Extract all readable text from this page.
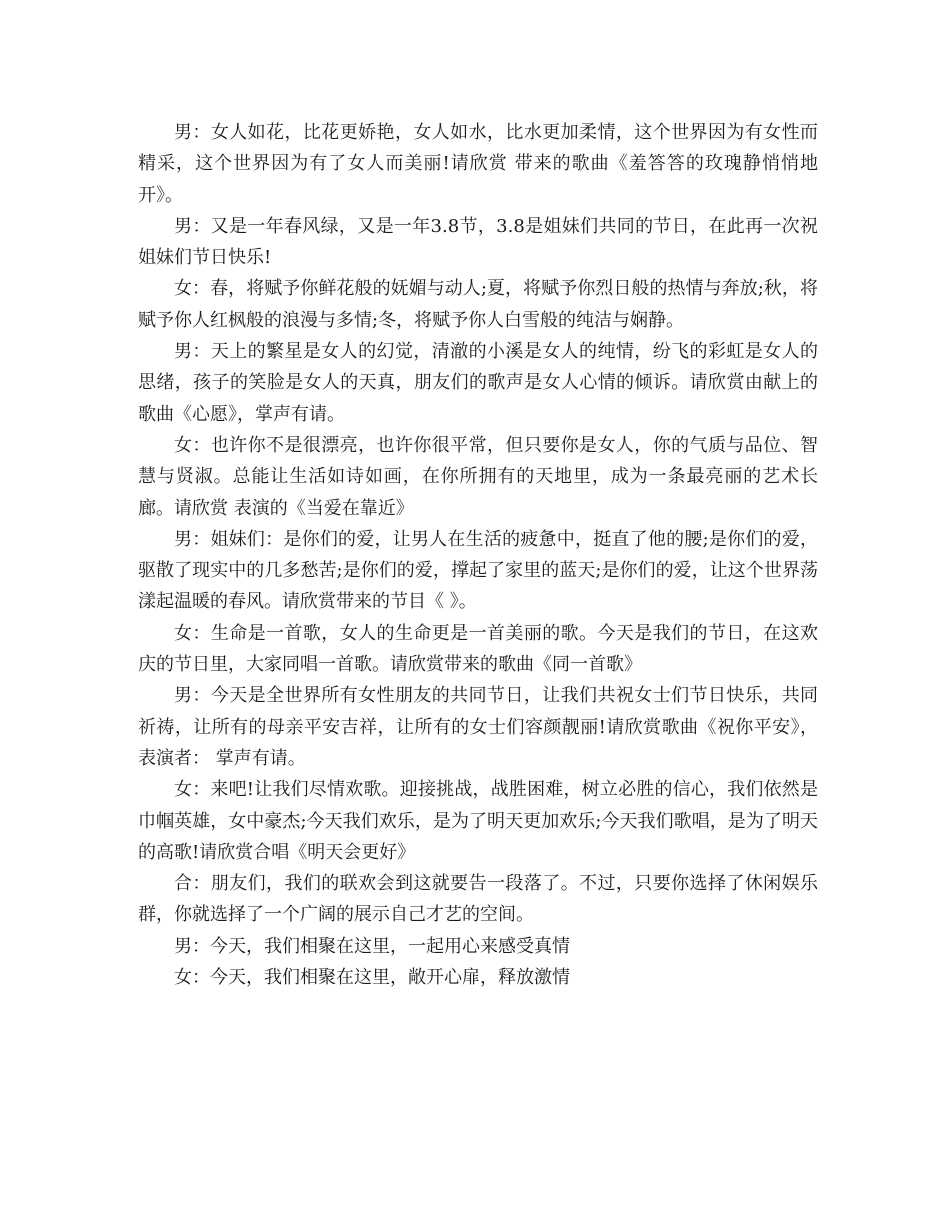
男：女人如花，比花更娇艳，女人如水，比水更加柔情，这个世界因为有女性而精采，这个世界因为有了女人而美丽!请欣赏 带来的歌曲《羞答答的玫瑰静悄悄地开》。

男：又是一年春风绿，又是一年3.8节，3.8是姐妹们共同的节日，在此再一次祝姐妹们节日快乐!

女：春，将赋予你鲜花般的妩媚与动人;夏，将赋予你烈日般的热情与奔放;秋，将赋予你人红枫般的浪漫与多情;冬，将赋予你人白雪般的纯洁与娴静。

男：天上的繁星是女人的幻觉，清澈的小溪是女人的纯情，纷飞的彩虹是女人的思绪，孩子的笑脸是女人的天真，朋友们的歌声是女人心情的倾诉。请欣赏由献上的歌曲《心愿》，掌声有请。

女：也许你不是很漂亮，也许你很平常，但只要你是女人，你的气质与品位、智慧与贤淑。总能让生活如诗如画，在你所拥有的天地里，成为一条最亮丽的艺术长廊。请欣赏 表演的《当爱在靠近》

男：姐妹们：是你们的爱，让男人在生活的疲惫中，挺直了他的腰;是你们的爱，驱散了现实中的几多愁苦;是你们的爱，撑起了家里的蓝天;是你们的爱，让这个世界荡漾起温暖的春风。请欣赏带来的节目《 》。

女：生命是一首歌，女人的生命更是一首美丽的歌。今天是我们的节日，在这欢庆的节日里，大家同唱一首歌。请欣赏带来的歌曲《同一首歌》

男：今天是全世界所有女性朋友的共同节日，让我们共祝女士们节日快乐，共同祈祷，让所有的母亲平安吉祥，让所有的女士们容颜靓丽!请欣赏歌曲《祝你平安》，表演者： 掌声有请。

女：来吧!让我们尽情欢歌。迎接挑战，战胜困难，树立必胜的信心，我们依然是巾帼英雄，女中豪杰;今天我们欢乐，是为了明天更加欢乐;今天我们歌唱，是为了明天的高歌!请欣赏合唱《明天会更好》

合：朋友们，我们的联欢会到这就要告一段落了。不过，只要你选择了休闲娱乐群，你就选择了一个广阔的展示自己才艺的空间。

男：今天，我们相聚在这里，一起用心来感受真情

女：今天，我们相聚在这里，敞开心扉，释放激情
